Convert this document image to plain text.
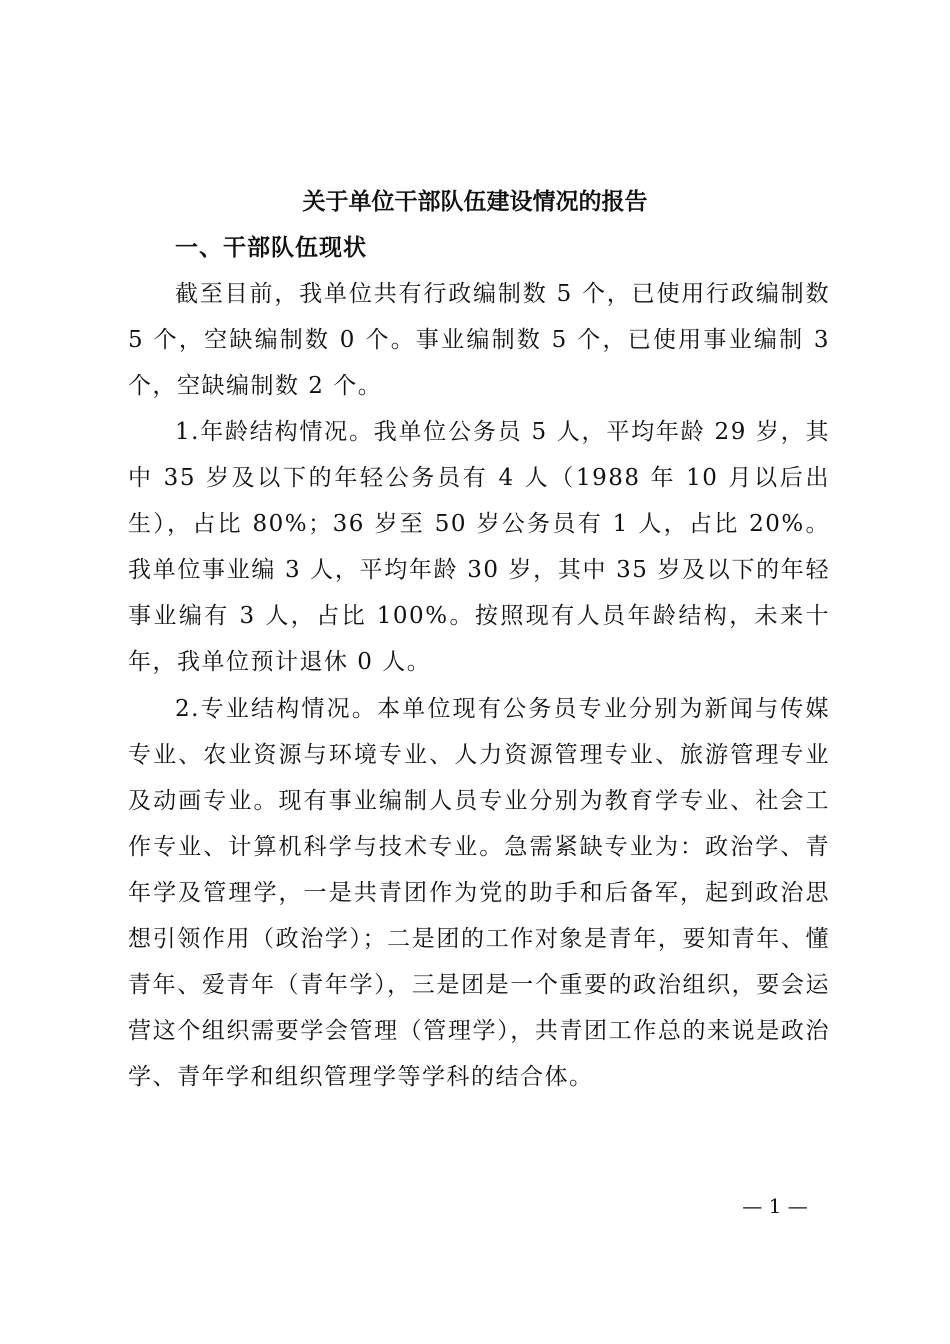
关于单位干部队伍建设情况的报告
一、干部队伍现状

截至目前，我单位共有行政编制数 5 个，已使用行政编制数 5 个，空缺编制数 0 个。事业编制数 5 个，已使用事业编制 3 个，空缺编制数 2 个。

1.年龄结构情况。我单位公务员 5 人，平均年龄 29 岁，其中 35 岁及以下的年轻公务员有 4 人（1988 年 10 月以后出生），占比 80%；36 岁至 50 岁公务员有 1 人，占比 20%。我单位事业编 3 人，平均年龄 30 岁，其中 35 岁及以下的年轻事业编有 3 人，占比 100%。按照现有人员年龄结构，未来十年，我单位预计退休 0 人。

2.专业结构情况。本单位现有公务员专业分别为新闻与传媒专业、农业资源与环境专业、人力资源管理专业、旅游管理专业及动画专业。现有事业编制人员专业分别为教育学专业、社会工作专业、计算机科学与技术专业。急需紧缺专业为：政治学、青年学及管理学，一是共青团作为党的助手和后备军，起到政治思想引领作用（政治学）；二是团的工作对象是青年，要知青年、懂青年、爱青年（青年学），三是团是一个重要的政治组织，要会运营这个组织需要学会管理（管理学），共青团工作总的来说是政治学、青年学和组织管理学等学科的结合体。

— 1 —
